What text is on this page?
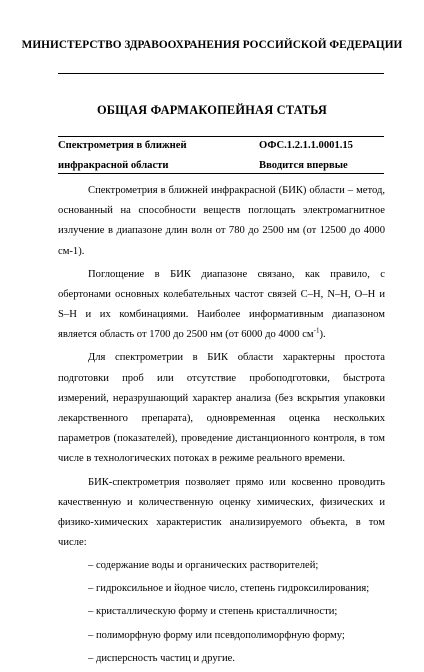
МИНИСТЕРСТВО ЗДРАВООХРАНЕНИЯ РОССИЙСКОЙ ФЕДЕРАЦИИ
ОБЩАЯ ФАРМАКОПЕЙНАЯ СТАТЬЯ
Спектрометрия в ближней
инфракрасной области
ОФС.1.2.1.1.0001.15
Вводится впервые

Спектрометрия в ближней инфракрасной (БИК) области – метод, основанный на способности веществ поглощать электромагнитное излучение в диапазоне длин волн от 780 до 2500 нм (от 12500 до 4000 см-1).

Поглощение в БИК диапазоне связано, как правило, с обертонами основных колебательных частот связей С–Н, N–H, O–H и S–H и их комбинациями. Наиболее информативным диапазоном является область от 1700 до 2500 нм (от 6000 до 4000 $см^{-1}$).

Для спектрометрии в БИК области характерны простота подготовки проб или отсутствие пробоподготовки, быстрота измерений, неразрушающий характер анализа (без вскрытия упаковки лекарственного препарата), одновременная оценка нескольких параметров (показателей), проведение дистанционного контроля, в том числе в технологических потоках в режиме реального времени.

БИК-спектрометрия позволяет прямо или косвенно проводить качественную и количественную оценку химических, физических и физико-химических характеристик анализируемого объекта, в том числе:

– содержание воды и органических растворителей;
– гидроксильное и йодное число, степень гидроксилирования;
– кристаллическую форму и степень кристалличности;
– полиморфную форму или псевдополиморфную форму;
– дисперсность частиц и другие.
